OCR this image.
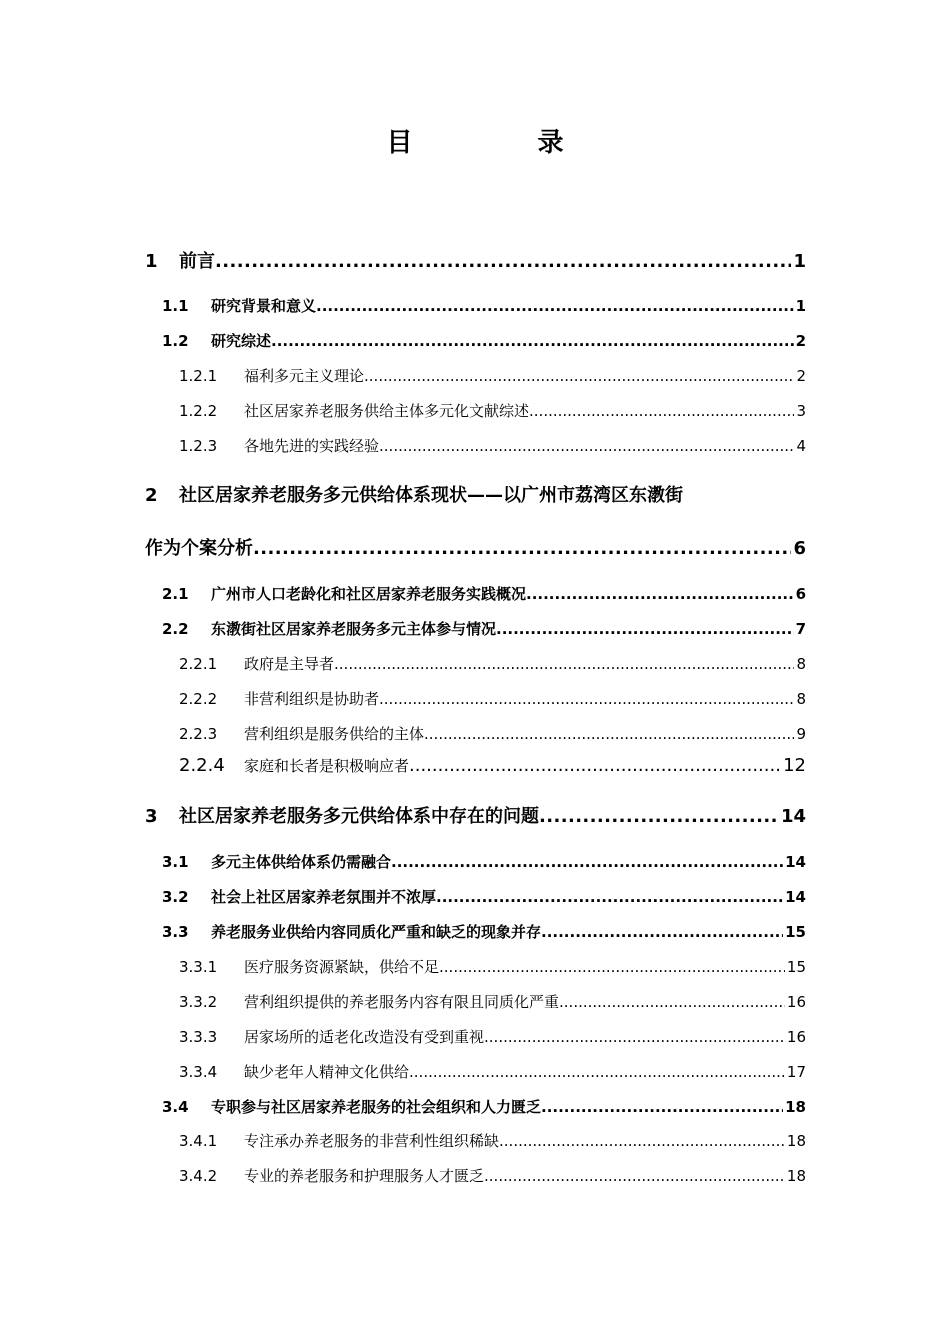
目 录
1	前言 .....	1
1.1	研究背景和意义 .....	1
1.2	研究综述 .....	2
1.2.1	福利多元主义理论 .....	2
1.2.2	社区居家养老服务供给主体多元化文献综述 .....	3
1.2.3	各地先进的实践经验 .....	4
2	社区居家养老服务多元供给体系现状——以广州市荔湾区东漖街
作为个案分析 .....	6
2.1	广州市人口老龄化和社区居家养老服务实践概况 .....	6
2.2	东漖街社区居家养老服务多元主体参与情况 .....	7
2.2.1	政府是主导者 .....	8
2.2.2	非营利组织是协助者 .....	8
2.2.3	营利组织是服务供给的主体 .....	9
2.2.4	家庭和长者是积极响应者 .....	12
3	社区居家养老服务多元供给体系中存在的问题 .....	14
3.1	多元主体供给体系仍需融合 .....	14
3.2	社会上社区居家养老氛围并不浓厚 .....	14
3.3	养老服务业供给内容同质化严重和缺乏的现象并存 .....	15
3.3.1	医疗服务资源紧缺，供给不足 .....	15
3.3.2	营利组织提供的养老服务内容有限且同质化严重 .....	16
3.3.3	居家场所的适老化改造没有受到重视 .....	16
3.3.4	缺少老年人精神文化供给 .....	17
3.4	专职参与社区居家养老服务的社会组织和人力匮乏 .....	18
3.4.1	专注承办养老服务的非营利性组织稀缺 .....	18
3.4.2	专业的养老服务和护理服务人才匮乏 .....	18
